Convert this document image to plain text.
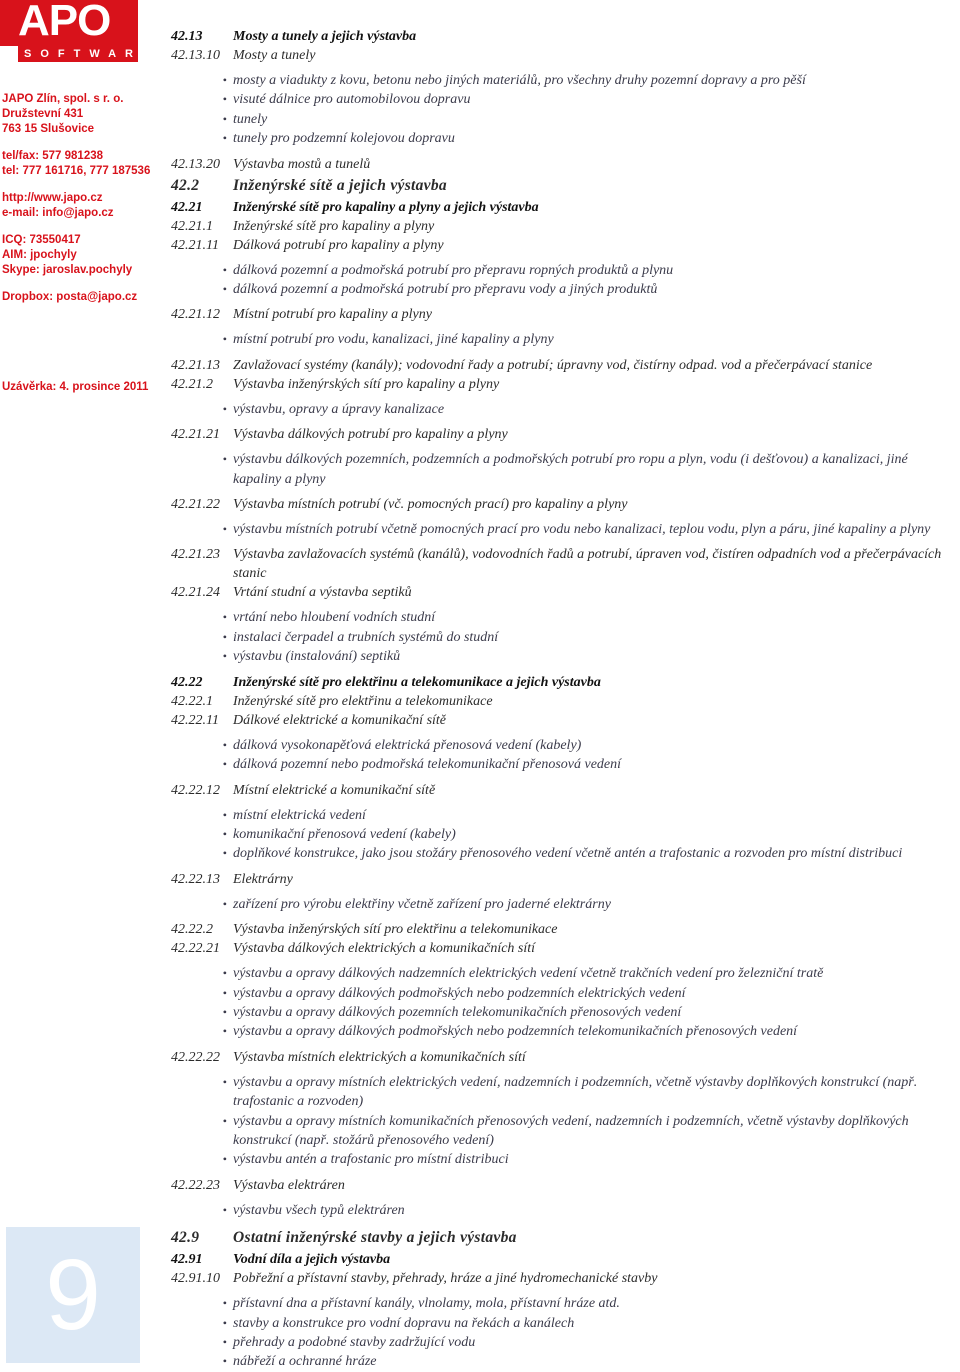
APO
SOFTWARE
JAPO Zlín, spol. s r. o.
Družstevní 431
763 15 Slušovice
tel/fax: 577 981238
tel: 777 161716, 777 187536
http://www.japo.cz
e-mail: info@japo.cz
ICQ: 73550417
AIM: jpochyly
Skype: jaroslav.pochyly
Dropbox: posta@japo.cz
Uzávěrka: 4. prosince 2011
9
42.13	Mosty a tunely a jejich výstavba
42.13.10 Mosty a tunely
• mosty a viadukty z kovu, betonu nebo jiných materiálů, pro všechny druhy pozemní dopravy a pro pěší
• visuté dálnice pro automobilovou dopravu
• tunely
• tunely pro podzemní kolejovou dopravu
42.13.20 Výstavba mostů a tunelů
42.2	Inženýrské sítě a jejich výstavba
42.21	Inženýrské sítě pro kapaliny a plyny a jejich výstavba
42.21.1	Inženýrské sítě pro kapaliny a plyny
42.21.11	Dálková potrubí pro kapaliny a plyny
• dálková pozemní a podmořská potrubí pro přepravu ropných produktů a plynu
• dálková pozemní a podmořská potrubí pro přepravu vody a jiných produktů
42.21.12 Místní potrubí pro kapaliny a plyny
• místní potrubí pro vodu, kanalizaci, jiné kapaliny a plyny
42.21.13 Zavlažovací systémy (kanály); vodovodní řady a potrubí; úpravny vod, čistírny odpad. vod a přečerpávací stanice
42.21.2	Výstavba inženýrských sítí pro kapaliny a plyny
• výstavbu, opravy a úpravy kanalizace
42.21.21 Výstavba dálkových potrubí pro kapaliny a plyny
• výstavbu dálkových pozemních, podzemních a podmořských potrubí pro ropu a plyn, vodu (i dešťovou) a kanalizaci, jiné kapaliny a plyny
42.21.22 Výstavba místních potrubí (vč. pomocných prací) pro kapaliny a plyny
• výstavbu místních potrubí včetně pomocných prací pro vodu nebo kanalizaci, teplou vodu, plyn a páru, jiné kapaliny a plyny
42.21.23 Výstavba zavlažovacích systémů (kanálů), vodovodních řadů a potrubí, úpraven vod, čistíren odpadních vod a přečerpávacích stanic
42.21.24 Vrtání studní a výstavba septiků
• vrtání nebo hloubení vodních studní
• instalaci čerpadel a trubních systémů do studní
• výstavbu (instalování) septiků
42.22	Inženýrské sítě pro elektřinu a telekomunikace a jejich výstavba
42.22.1	Inženýrské sítě pro elektřinu a telekomunikace
42.22.11	Dálkové elektrické a komunikační sítě
• dálková vysokonapěťová elektrická přenosová vedení (kabely)
• dálková pozemní nebo podmořská telekomunikační přenosová vedení
42.22.12 Místní elektrické a komunikační sítě
• místní elektrická vedení
• komunikační přenosová vedení (kabely)
• doplňkové konstrukce, jako jsou stožáry přenosového vedení včetně antén a trafostanic a rozvoden pro místní distribuci
42.22.13 Elektrárny
• zařízení pro výrobu elektřiny včetně zařízení pro jaderné elektrárny
42.22.2	Výstavba inženýrských sítí pro elektřinu a telekomunikace
42.22.21 Výstavba dálkových elektrických a komunikačních sítí
• výstavbu a opravy dálkových nadzemních elektrických vedení včetně trakčních vedení pro železniční tratě
• výstavbu a opravy dálkových podmořských nebo podzemních elektrických vedení
• výstavbu a opravy dálkových pozemních telekomunikačních přenosových vedení
• výstavbu a opravy dálkových podmořských nebo podzemních telekomunikačních přenosových vedení
42.22.22 Výstavba místních elektrických a komunikačních sítí
• výstavbu a opravy místních elektrických vedení, nadzemních i podzemních, včetně výstavby doplňkových konstrukcí (např. trafostanic a rozvoden)
• výstavbu a opravy místních komunikačních přenosových vedení, nadzemních i podzemních, včetně výstavby doplňkových konstrukcí (např. stožárů přenosového vedení)
• výstavbu antén a trafostanic pro místní distribuci
42.22.23 Výstavba elektráren
• výstavbu všech typů elektráren
42.9	Ostatní inženýrské stavby a jejich výstavba
42.91	Vodní díla a jejich výstavba
42.91.10 Pobřežní a přístavní stavby, přehrady, hráze a jiné hydromechanické stavby
• přístavní dna a přístavní kanály, vlnolamy, mola, přístavní hráze atd.
• stavby a konstrukce pro vodní dopravu na řekách a kanálech
• přehrady a podobné stavby zadržující vodu
• nábřeží a ochranné hráze
